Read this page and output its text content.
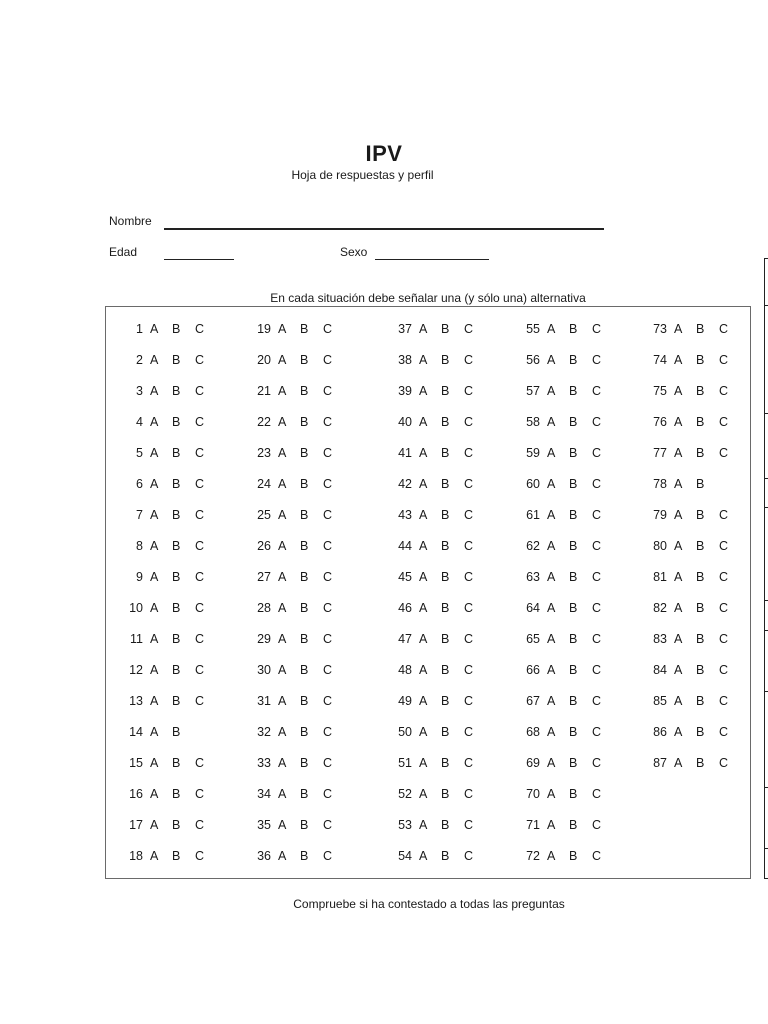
IPV
Hoja de respuestas y perfil
Nombre
Edad	Sexo
En cada situación debe señalar una (y sólo una) alternativa
Compruebe si ha contestado a todas las preguntas
1 A B C
2 A B C
3 A B C
4 A B C
5 A B C
6 A B C
7 A B C
8 A B C
9 A B C
10 A B C
11 A B C
12 A B C
13 A B C
14 A B
15 A B C
16 A B C
17 A B C
18 A B C
19 A B C
20 A B C
21 A B C
22 A B C
23 A B C
24 A B C
25 A B C
26 A B C
27 A B C
28 A B C
29 A B C
30 A B C
31 A B C
32 A B C
33 A B C
34 A B C
35 A B C
36 A B C
37 A B C
38 A B C
39 A B C
40 A B C
41 A B C
42 A B C
43 A B C
44 A B C
45 A B C
46 A B C
47 A B C
48 A B C
49 A B C
50 A B C
51 A B C
52 A B C
53 A B C
54 A B C
55 A B C
56 A B C
57 A B C
58 A B C
59 A B C
60 A B C
61 A B C
62 A B C
63 A B C
64 A B C
65 A B C
66 A B C
67 A B C
68 A B C
69 A B C
70 A B C
71 A B C
72 A B C
73 A B C
74 A B C
75 A B C
76 A B C
77 A B C
78 A B
79 A B C
80 A B C
81 A B C
82 A B C
83 A B C
84 A B C
85 A B C
86 A B C
87 A B C
